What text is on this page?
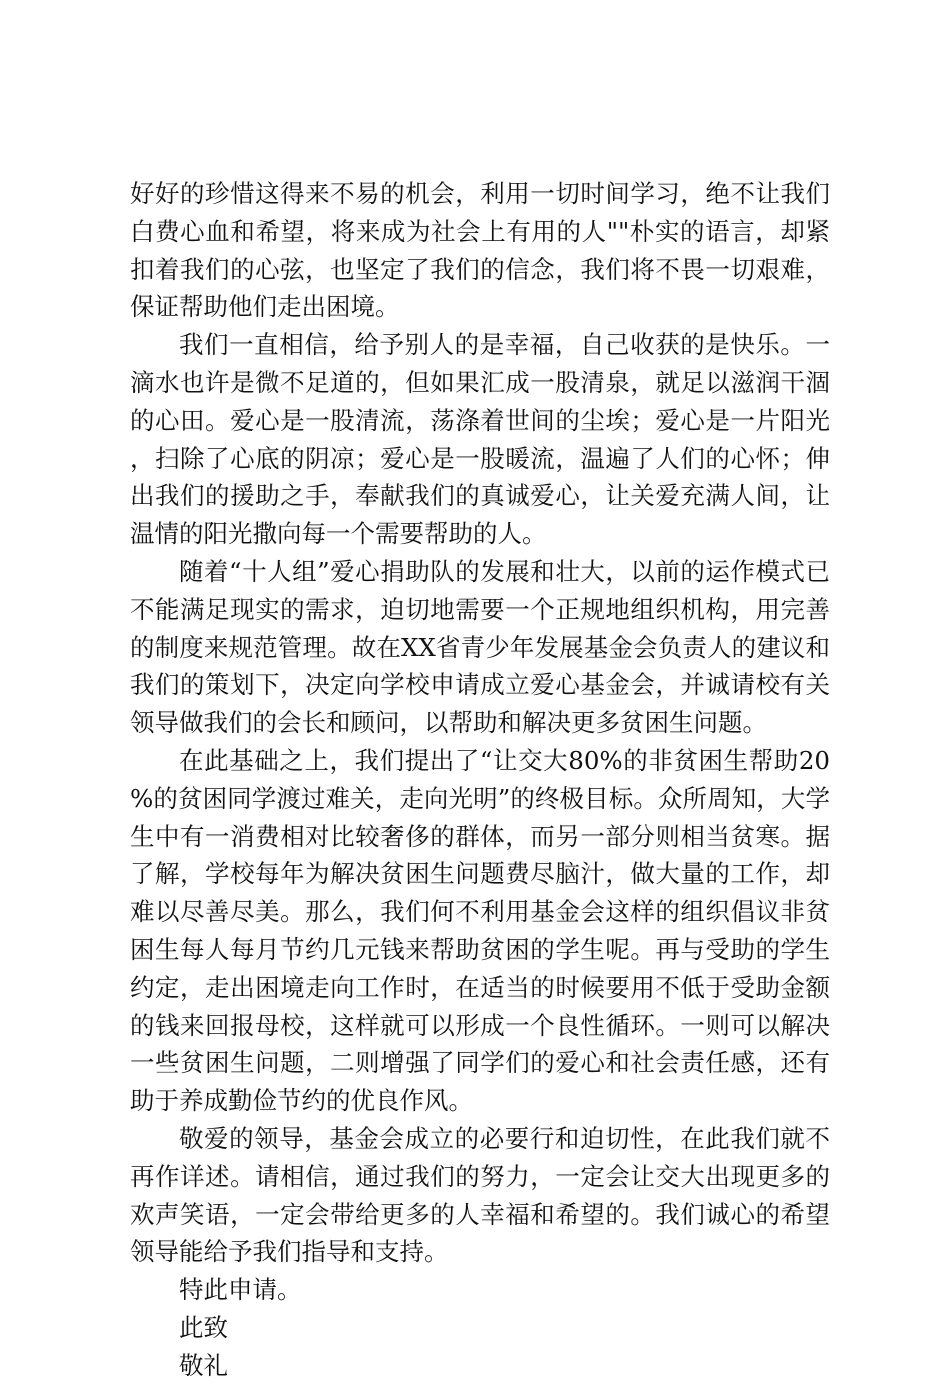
好好的珍惜这得来不易的机会，利用一切时间学习，绝不让我们白费心血和希望，将来成为社会上有用的人""朴实的语言，却紧扣着我们的心弦，也坚定了我们的信念，我们将不畏一切艰难，保证帮助他们走出困境。

我们一直相信，给予别人的是幸福，自己收获的是快乐。一滴水也许是微不足道的，但如果汇成一股清泉，就足以滋润干涸的心田。爱心是一股清流，荡涤着世间的尘埃；爱心是一片阳光，扫除了心底的阴凉；爱心是一股暖流，温遍了人们的心怀；伸出我们的援助之手，奉献我们的真诚爱心，让关爱充满人间，让温情的阳光撒向每一个需要帮助的人。

随着“十人组”爱心捐助队的发展和壮大，以前的运作模式已不能满足现实的需求，迫切地需要一个正规地组织机构，用完善的制度来规范管理。故在XX省青少年发展基金会负责人的建议和我们的策划下，决定向学校申请成立爱心基金会，并诚请校有关领导做我们的会长和顾问，以帮助和解决更多贫困生问题。

在此基础之上，我们提出了“让交大80%的非贫困生帮助20%的贫困同学渡过难关，走向光明”的终极目标。众所周知，大学生中有一消费相对比较奢侈的群体，而另一部分则相当贫寒。据了解，学校每年为解决贫困生问题费尽脑汁，做大量的工作，却难以尽善尽美。那么，我们何不利用基金会这样的组织倡议非贫困生每人每月节约几元钱来帮助贫困的学生呢。再与受助的学生约定，走出困境走向工作时，在适当的时候要用不低于受助金额的钱来回报母校，这样就可以形成一个良性循环。一则可以解决一些贫困生问题，二则增强了同学们的爱心和社会责任感，还有助于养成勤俭节约的优良作风。

敬爱的领导，基金会成立的必要行和迫切性，在此我们就不再作详述。请相信，通过我们的努力，一定会让交大出现更多的欢声笑语，一定会带给更多的人幸福和希望的。我们诚心的希望领导能给予我们指导和支持。

特此申请。

此致

敬礼
